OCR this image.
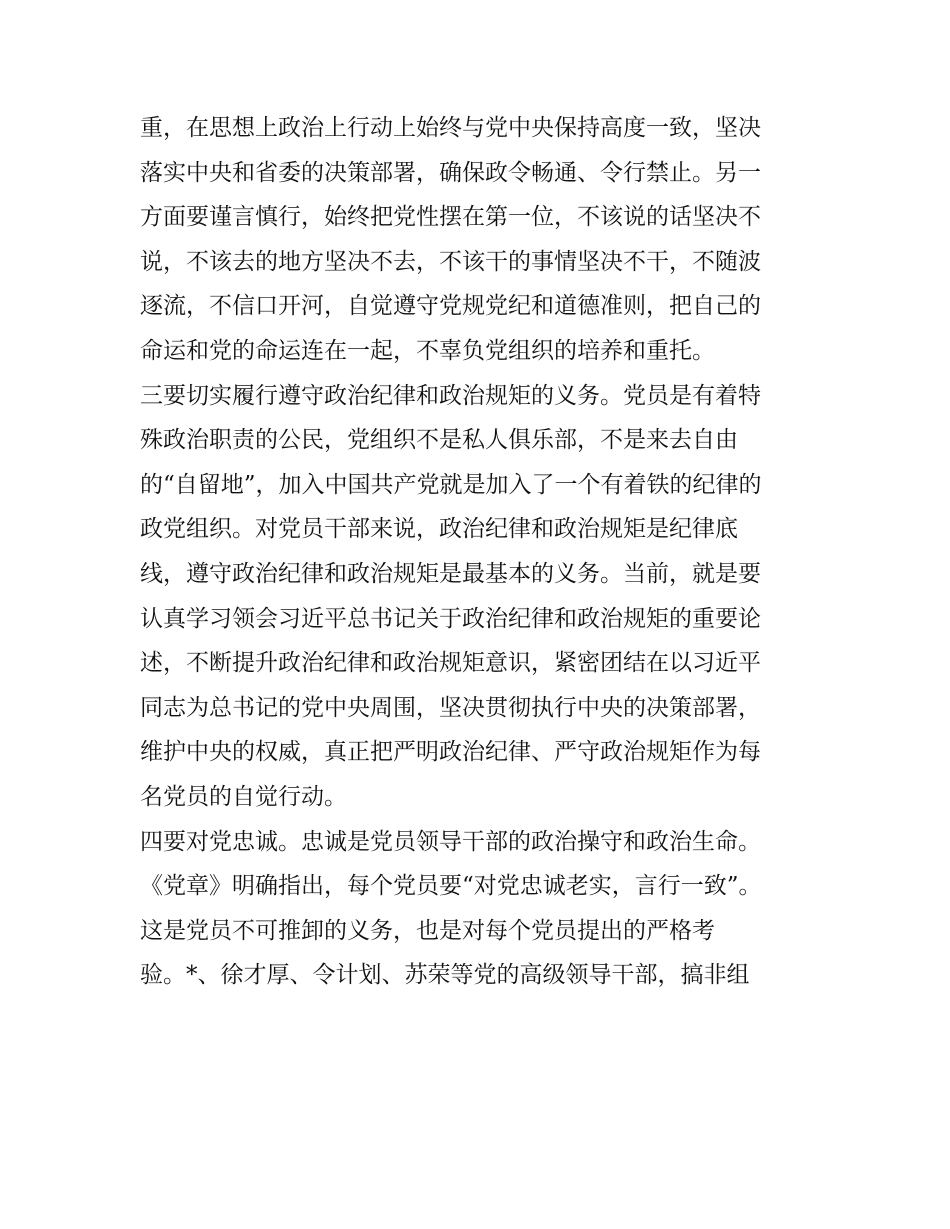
重，在思想上政治上行动上始终与党中央保持高度一致，坚决
落实中央和省委的决策部署，确保政令畅通、令行禁止。另一
方面要谨言慎行，始终把党性摆在第一位，不该说的话坚决不
说，不该去的地方坚决不去，不该干的事情坚决不干，不随波
逐流，不信口开河，自觉遵守党规党纪和道德准则，把自己的
命运和党的命运连在一起，不辜负党组织的培养和重托。
三要切实履行遵守政治纪律和政治规矩的义务。党员是有着特
殊政治职责的公民，党组织不是私人俱乐部，不是来去自由
的“自留地”，加入中国共产党就是加入了一个有着铁的纪律的
政党组织。对党员干部来说，政治纪律和政治规矩是纪律底
线，遵守政治纪律和政治规矩是最基本的义务。当前，就是要
认真学习领会习近平总书记关于政治纪律和政治规矩的重要论
述，不断提升政治纪律和政治规矩意识，紧密团结在以习近平
同志为总书记的党中央周围，坚决贯彻执行中央的决策部署，
维护中央的权威，真正把严明政治纪律、严守政治规矩作为每
名党员的自觉行动。
四要对党忠诚。忠诚是党员领导干部的政治操守和政治生命。
《党章》明确指出，每个党员要“对党忠诚老实，言行一致”。
这是党员不可推卸的义务，也是对每个党员提出的严格考
验。*、徐才厚、令计划、苏荣等党的高级领导干部，搞非组
